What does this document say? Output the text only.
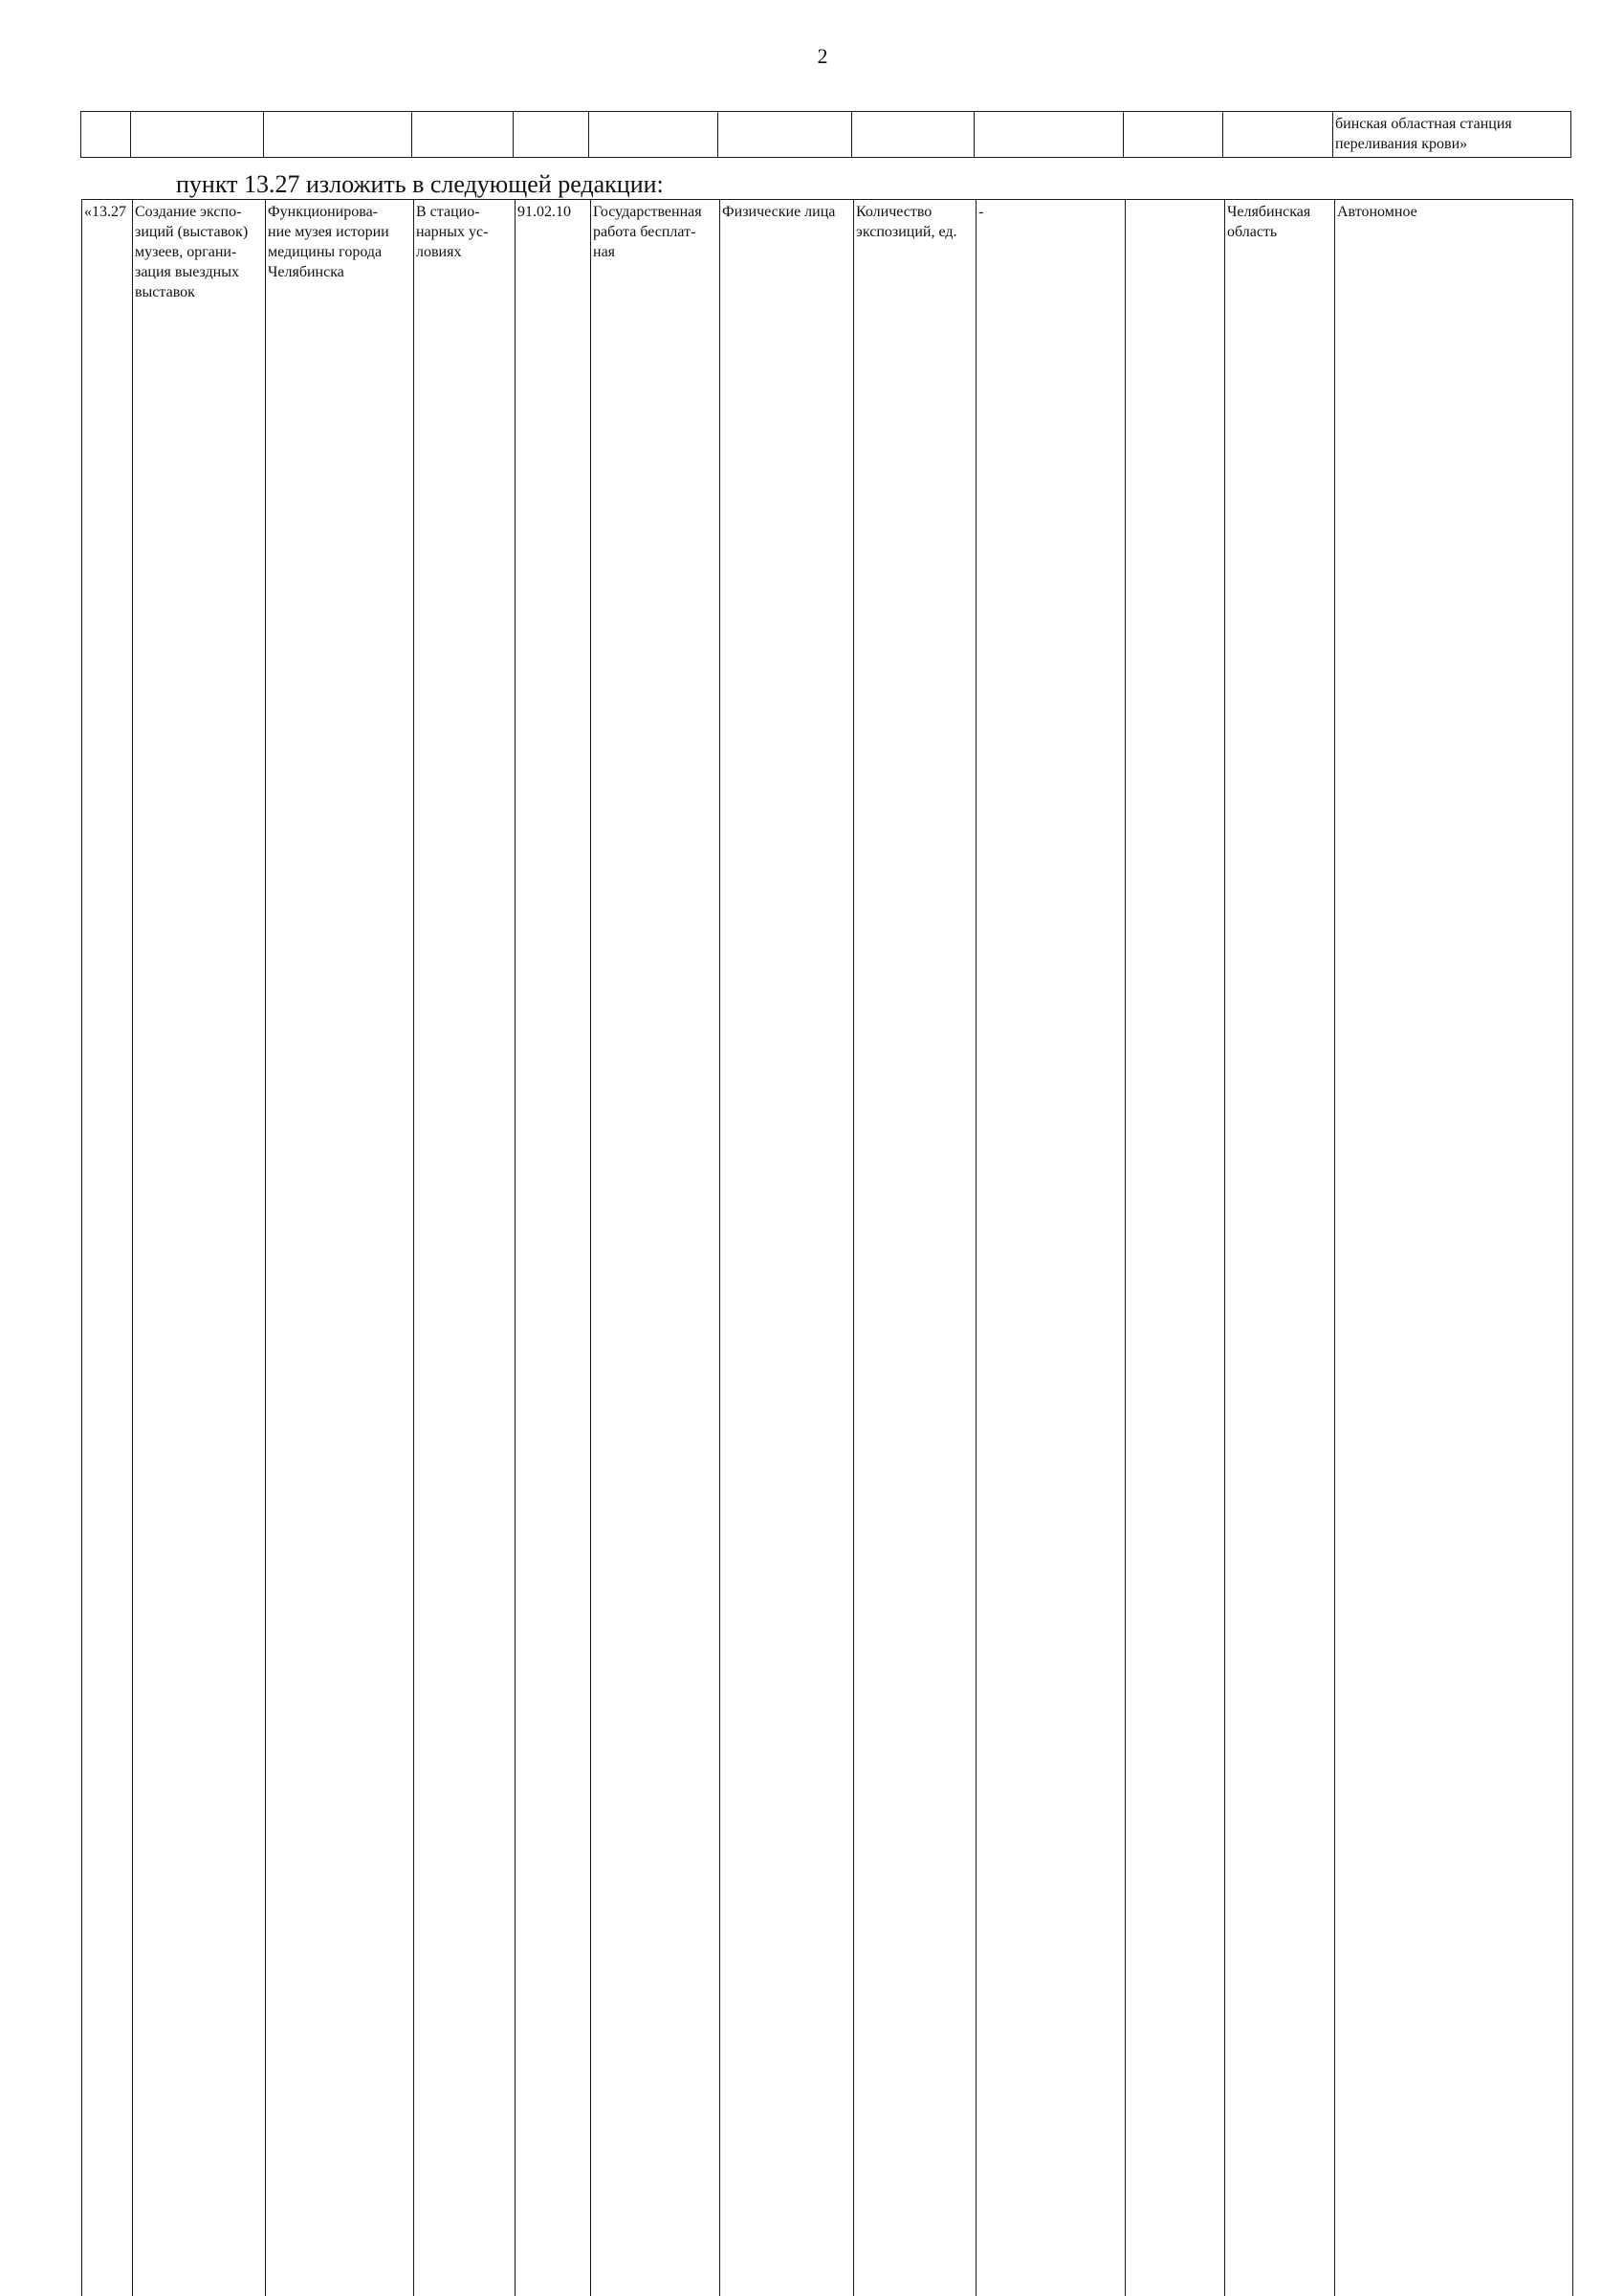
2
											бинская областная станция
переливания крови»
пункт 13.27 изложить в следующей редакции:
«13.27	Создание экспо-
зиций (выставок)
музеев, органи-
зация выездных
выставок	Функционирова-
ние музея истории
медицины города
Челябинска	В стацио-
нарных ус-
ловиях	91.02.10	Государственная
работа бесплат-
ная	Физические лица	Количество
экспозиций, ед.	-		Челябинская
область	Автономное	
